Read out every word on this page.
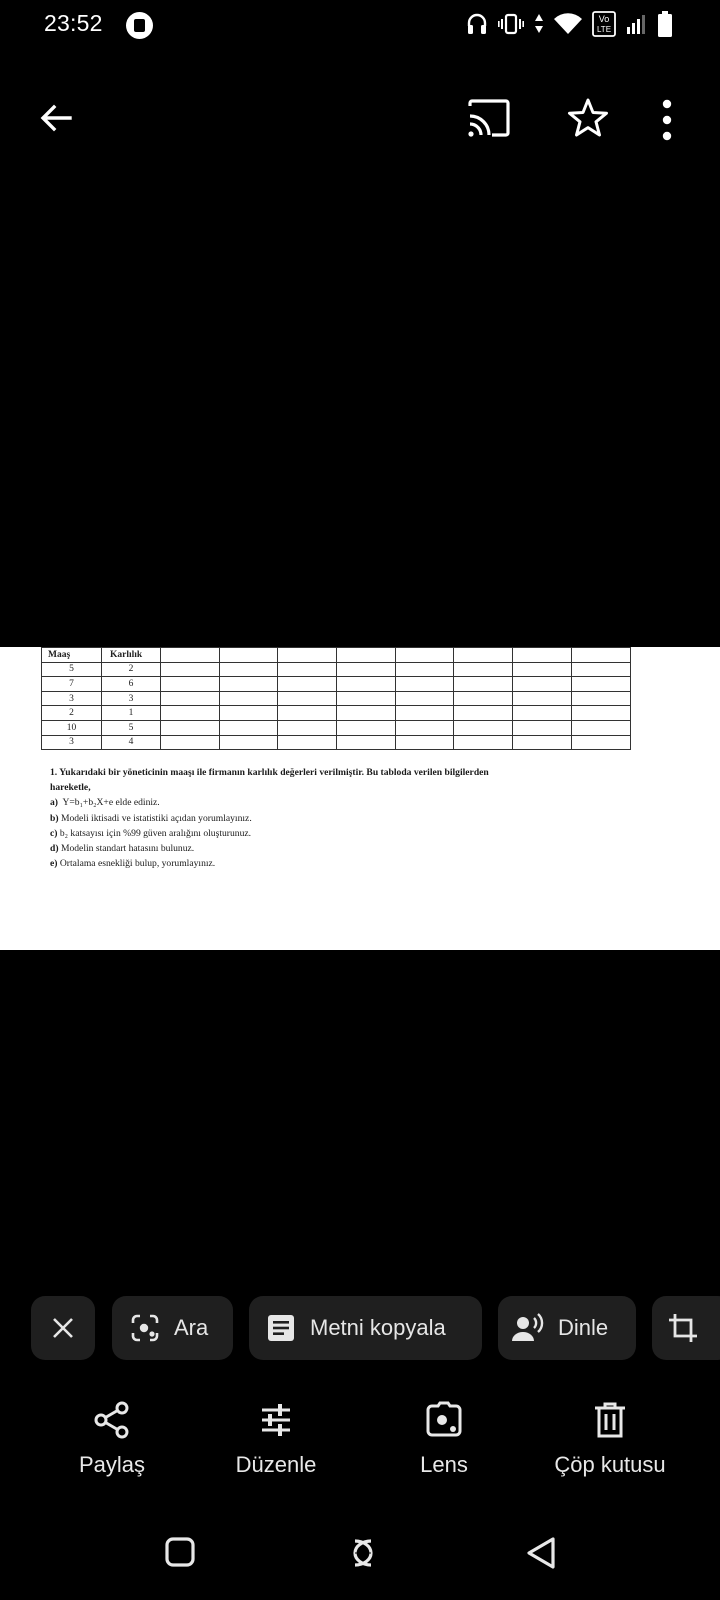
23:52	Vo
LTE
Maaş	Karlılık								
5	2								
7	6								
3	3								
2	1								
10	5								
3	4								
1. Yukarıdaki bir yöneticinin maaşı ile firmanın karlılık değerleri verilmiştir. Bu tabloda verilen bilgilerden
hareketle,
a) Y=b₁+b₂X+e elde ediniz.
b) Modeli iktisadi ve istatistiki açıdan yorumlayınız.
c) b₂ katsayısı için %99 güven aralığını oluşturunuz.
d) Modelin standart hatasını bulunuz.
e) Ortalama esnekliği bulup, yorumlayınız.
Ara	Metni kopyala	Dinle
Paylaş	Düzenle	Lens	Çöp kutusu
